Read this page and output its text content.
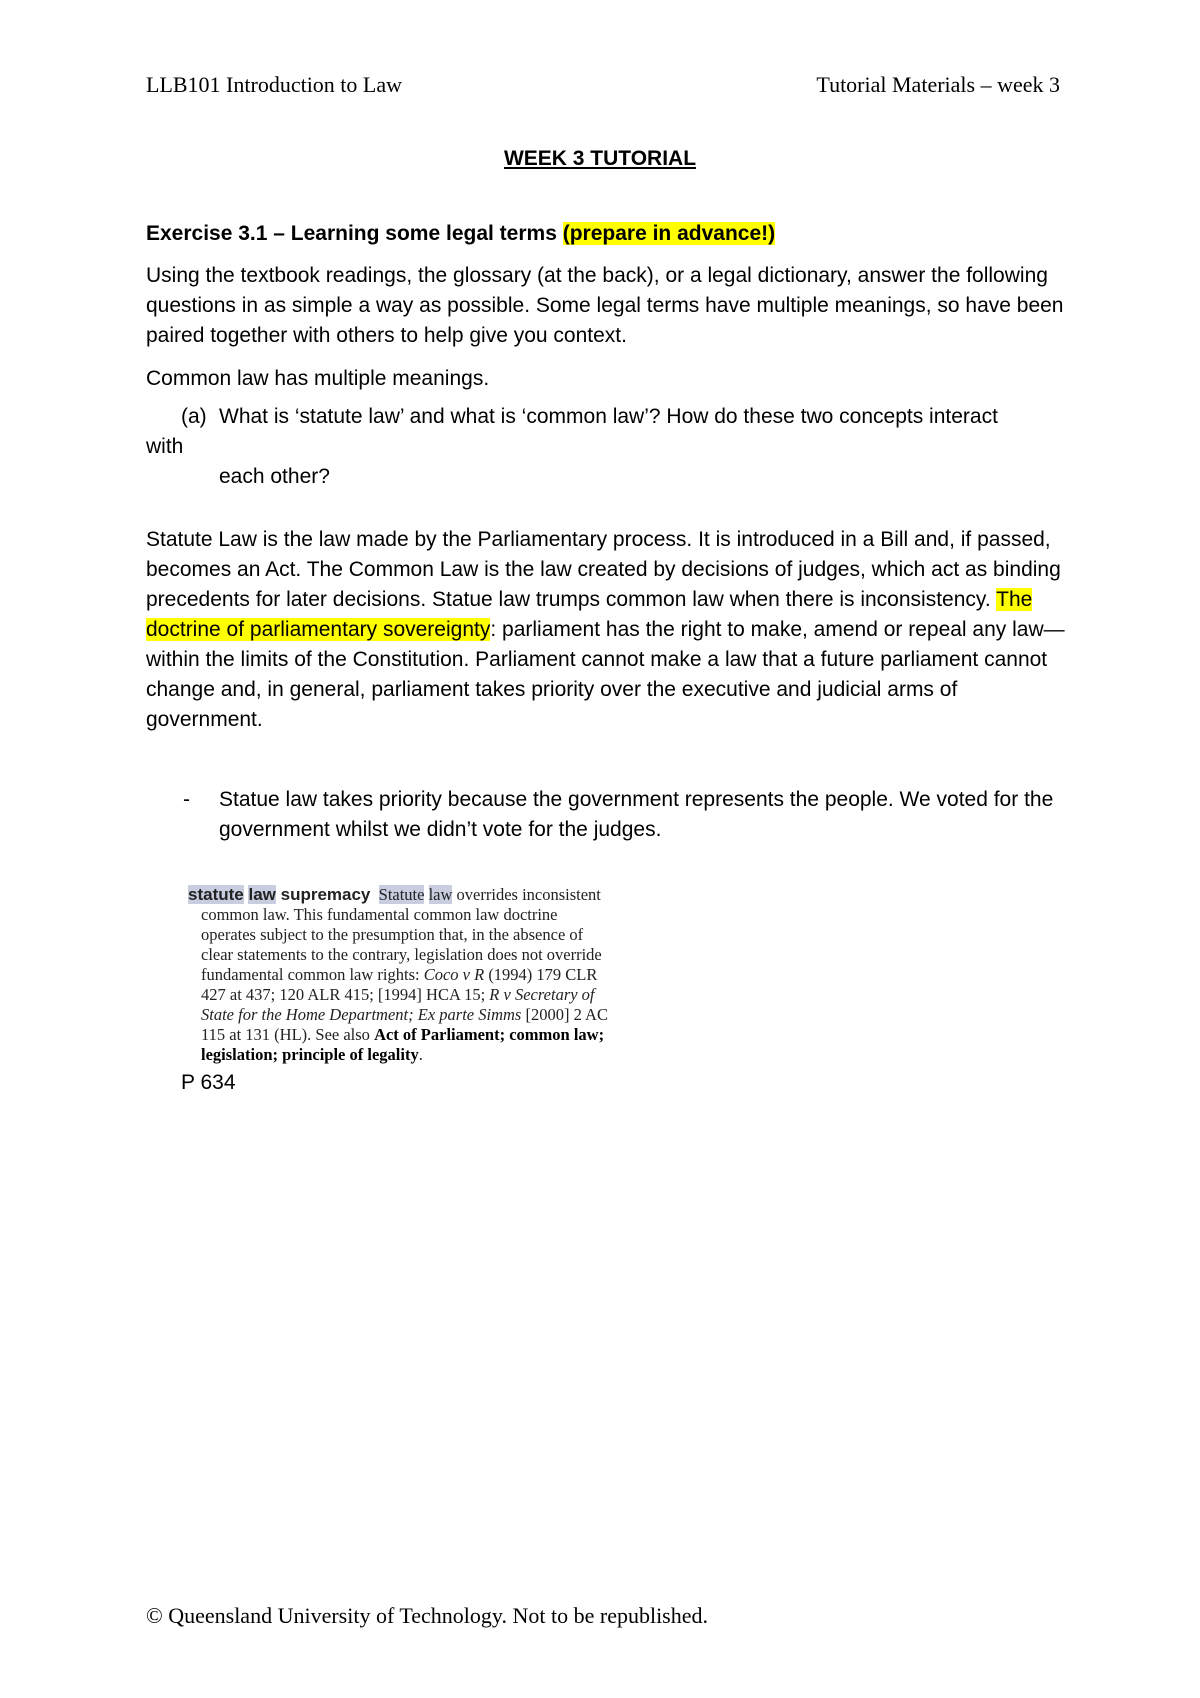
LLB101 Introduction to Law	Tutorial Materials – week 3
WEEK 3 TUTORIAL
Exercise 3.1 – Learning some legal terms (prepare in advance!)
Using the textbook readings, the glossary (at the back), or a legal dictionary, answer the following questions in as simple a way as possible. Some legal terms have multiple meanings, so have been paired together with others to help give you context.
Common law has multiple meanings.
(a) What is ‘statute law’ and what is ‘common law’? How do these two concepts interact
with
each other?
Statute Law is the law made by the Parliamentary process. It is introduced in a Bill and, if passed, becomes an Act. The Common Law is the law created by decisions of judges, which act as binding precedents for later decisions. Statue law trumps common law when there is inconsistency. The doctrine of parliamentary sovereignty: parliament has the right to make, amend or repeal any law—within the limits of the Constitution. Parliament cannot make a law that a future parliament cannot change and, in general, parliament takes priority over the executive and judicial arms of government.
- Statue law takes priority because the government represents the people. We voted for the government whilst we didn’t vote for the judges.
statute law supremacy Statute law overrides inconsistent
common law. This fundamental common law doctrine
operates subject to the presumption that, in the absence of
clear statements to the contrary, legislation does not override
fundamental common law rights: Coco v R (1994) 179 CLR
427 at 437; 120 ALR 415; [1994] HCA 15; R v Secretary of
State for the Home Department; Ex parte Simms [2000] 2 AC
115 at 131 (HL). See also Act of Parliament; common law;
legislation; principle of legality.
P 634
© Queensland University of Technology. Not to be republished.
